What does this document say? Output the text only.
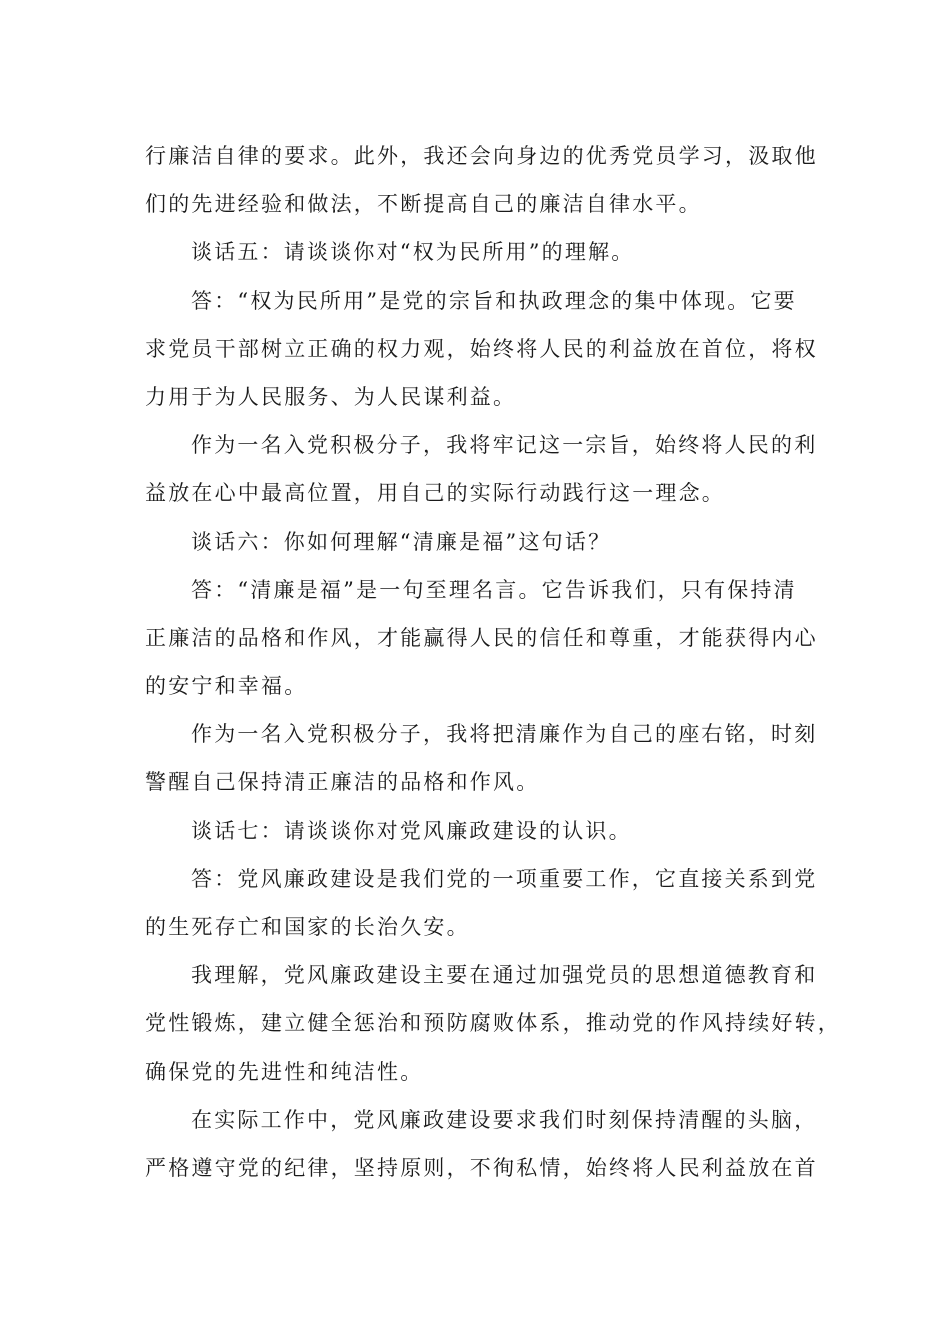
行廉洁自律的要求。此外，我还会向身边的优秀党员学习，汲取他
们的先进经验和做法，不断提高自己的廉洁自律水平。
谈话五：请谈谈你对“权为民所用”的理解。
答：“权为民所用”是党的宗旨和执政理念的集中体现。它要
求党员干部树立正确的权力观，始终将人民的利益放在首位，将权
力用于为人民服务、为人民谋利益。
作为一名入党积极分子，我将牢记这一宗旨，始终将人民的利
益放在心中最高位置，用自己的实际行动践行这一理念。
谈话六：你如何理解“清廉是福”这句话？
答：“清廉是福”是一句至理名言。它告诉我们，只有保持清
正廉洁的品格和作风，才能赢得人民的信任和尊重，才能获得内心
的安宁和幸福。
作为一名入党积极分子，我将把清廉作为自己的座右铭，时刻
警醒自己保持清正廉洁的品格和作风。
谈话七：请谈谈你对党风廉政建设的认识。
答：党风廉政建设是我们党的一项重要工作，它直接关系到党
的生死存亡和国家的长治久安。
我理解，党风廉政建设主要在通过加强党员的思想道德教育和
党性锻炼，建立健全惩治和预防腐败体系，推动党的作风持续好转，
确保党的先进性和纯洁性。
在实际工作中，党风廉政建设要求我们时刻保持清醒的头脑，
严格遵守党的纪律，坚持原则，不徇私情，始终将人民利益放在首
